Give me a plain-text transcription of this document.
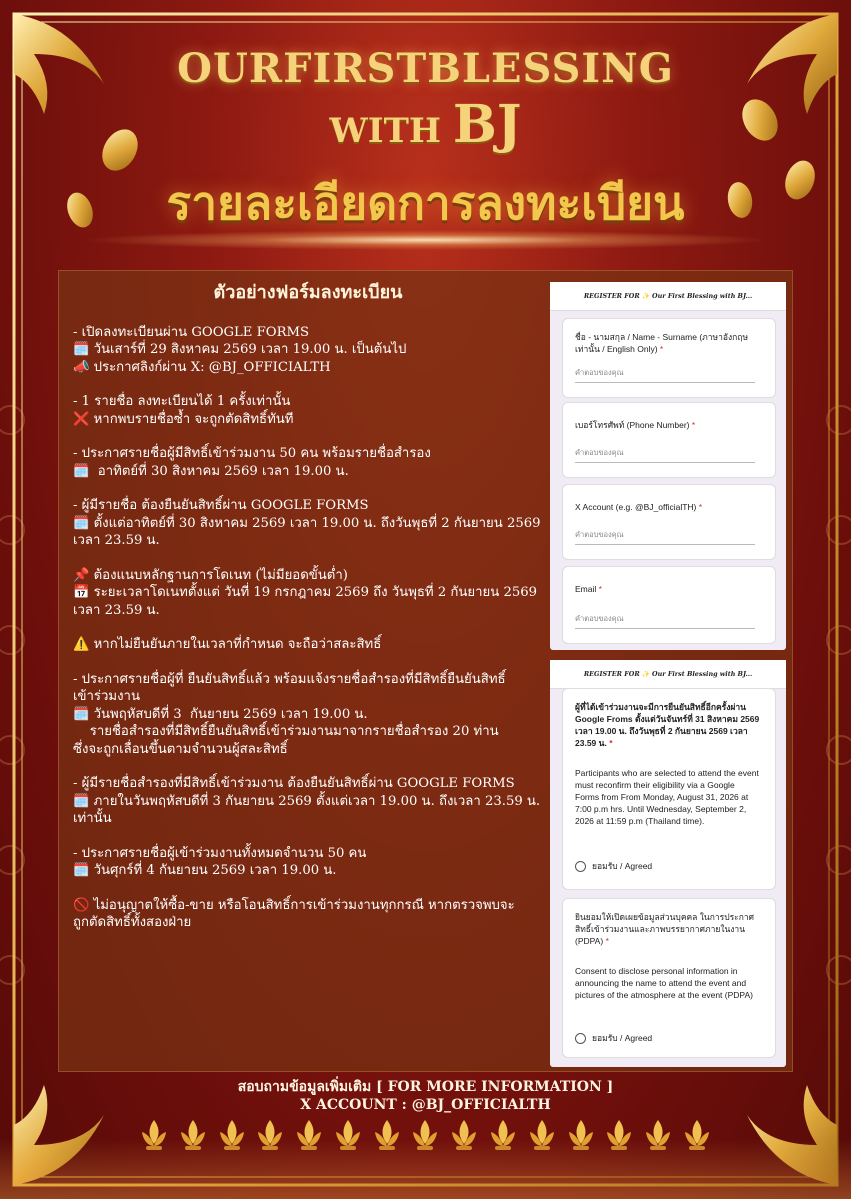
OURFIRSTBLESSING
WITH BJ
รายละเอียดการลงทะเบียน
ตัวอย่างฟอร์มลงทะเบียน
- เปิดลงทะเบียนผ่าน GOOGLE FORMS
🗓️ วันเสาร์ที่ 29 สิงหาคม 2569 เวลา 19.00 น. เป็นต้นไป
📣 ประกาศลิงก์ผ่าน X: @BJ_OFFICIALTH
- 1 รายชื่อ ลงทะเบียนได้ 1 ครั้งเท่านั้น
❌ หากพบรายชื่อซ้ำ จะถูกตัดสิทธิ์ทันที
- ประกาศรายชื่อผู้มีสิทธิ์เข้าร่วมงาน 50 คน พร้อมรายชื่อสำรอง
🗓️  อาทิตย์ที่ 30 สิงหาคม 2569 เวลา 19.00 น.
- ผู้มีรายชื่อ ต้องยืนยันสิทธิ์ผ่าน GOOGLE FORMS
🗓️ ตั้งแต่อาทิตย์ที่ 30 สิงหาคม 2569 เวลา 19.00 น. ถึงวันพุธที่ 2 กันยายน 2569
เวลา 23.59 น.
📌 ต้องแนบหลักฐานการโดเนท (ไม่มียอดขั้นต่ำ)
📅 ระยะเวลาโดเนทตั้งแต่ วันที่ 19 กรกฎาคม 2569 ถึง วันพุธที่ 2 กันยายน 2569
เวลา 23.59 น.
⚠️ หากไม่ยืนยันภายในเวลาที่กำหนด จะถือว่าสละสิทธิ์
- ประกาศรายชื่อผู้ที่ ยืนยันสิทธิ์แล้ว พร้อมแจ้งรายชื่อสำรองที่มีสิทธิ์ยืนยันสิทธิ์
เข้าร่วมงาน
🗓️ วันพฤหัสบดีที่ 3  กันยายน 2569 เวลา 19.00 น.
รายชื่อสำรองที่มีสิทธิ์ยืนยันสิทธิ์เข้าร่วมงานมาจากรายชื่อสำรอง 20 ท่าน
ซึ่งจะถูกเลื่อนขึ้นตามจำนวนผู้สละสิทธิ์
- ผู้มีรายชื่อสำรองที่มีสิทธิ์เข้าร่วมงาน ต้องยืนยันสิทธิ์ผ่าน GOOGLE FORMS
🗓️ ภายในวันพฤหัสบดีที่ 3 กันยายน 2569 ตั้งแต่เวลา 19.00 น. ถึงเวลา 23.59 น.
เท่านั้น
- ประกาศรายชื่อผู้เข้าร่วมงานทั้งหมดจำนวน 50 คน
🗓️ วันศุกร์ที่ 4 กันยายน 2569 เวลา 19.00 น.
🚫 ไม่อนุญาตให้ซื้อ-ขาย หรือโอนสิทธิ์การเข้าร่วมงานทุกกรณี หากตรวจพบจะ
ถูกตัดสิทธิ์ทั้งสองฝ่าย
REGISTER FOR ✨ Our First Blessing with BJ...
ชื่อ - นามสกุล / Name - Surname (ภาษาอังกฤษเท่านั้น / English Only) *
คำตอบของคุณ
เบอร์โทรศัพท์ (Phone Number) *
คำตอบของคุณ
X Account (e.g. @BJ_officialTH) *
คำตอบของคุณ
Email *
คำตอบของคุณ
REGISTER FOR ✨ Our First Blessing with BJ...
ผู้ที่ได้เข้าร่วมงานจะมีการยืนยันสิทธิ์อีกครั้งผ่าน Google Froms ตั้งแต่วันจันทร์ที่ 31 สิงหาคม 2569 เวลา 19.00 น. ถึงวันพุธที่ 2 กันยายน 2569 เวลา 23.59 น. *
Participants who are selected to attend the event must reconfirm their eligibility via a Google Forms from From Monday, August 31, 2026 at 7:00 p.m hrs. Until Wednesday, September 2, 2026 at 11:59 p.m (Thailand time).
ยอมรับ / Agreed
ยินยอมให้เปิดเผยข้อมูลส่วนบุคคล ในการประกาศสิทธิ์เข้าร่วมงานและภาพบรรยากาศภายในงาน (PDPA) *
Consent to disclose personal information in announcing the name to attend the event and pictures of the atmosphere at the event (PDPA)
ยอมรับ / Agreed
สอบถามข้อมูลเพิ่มเติม [ FOR MORE INFORMATION ]
X ACCOUNT : @BJ_OFFICIALTH
